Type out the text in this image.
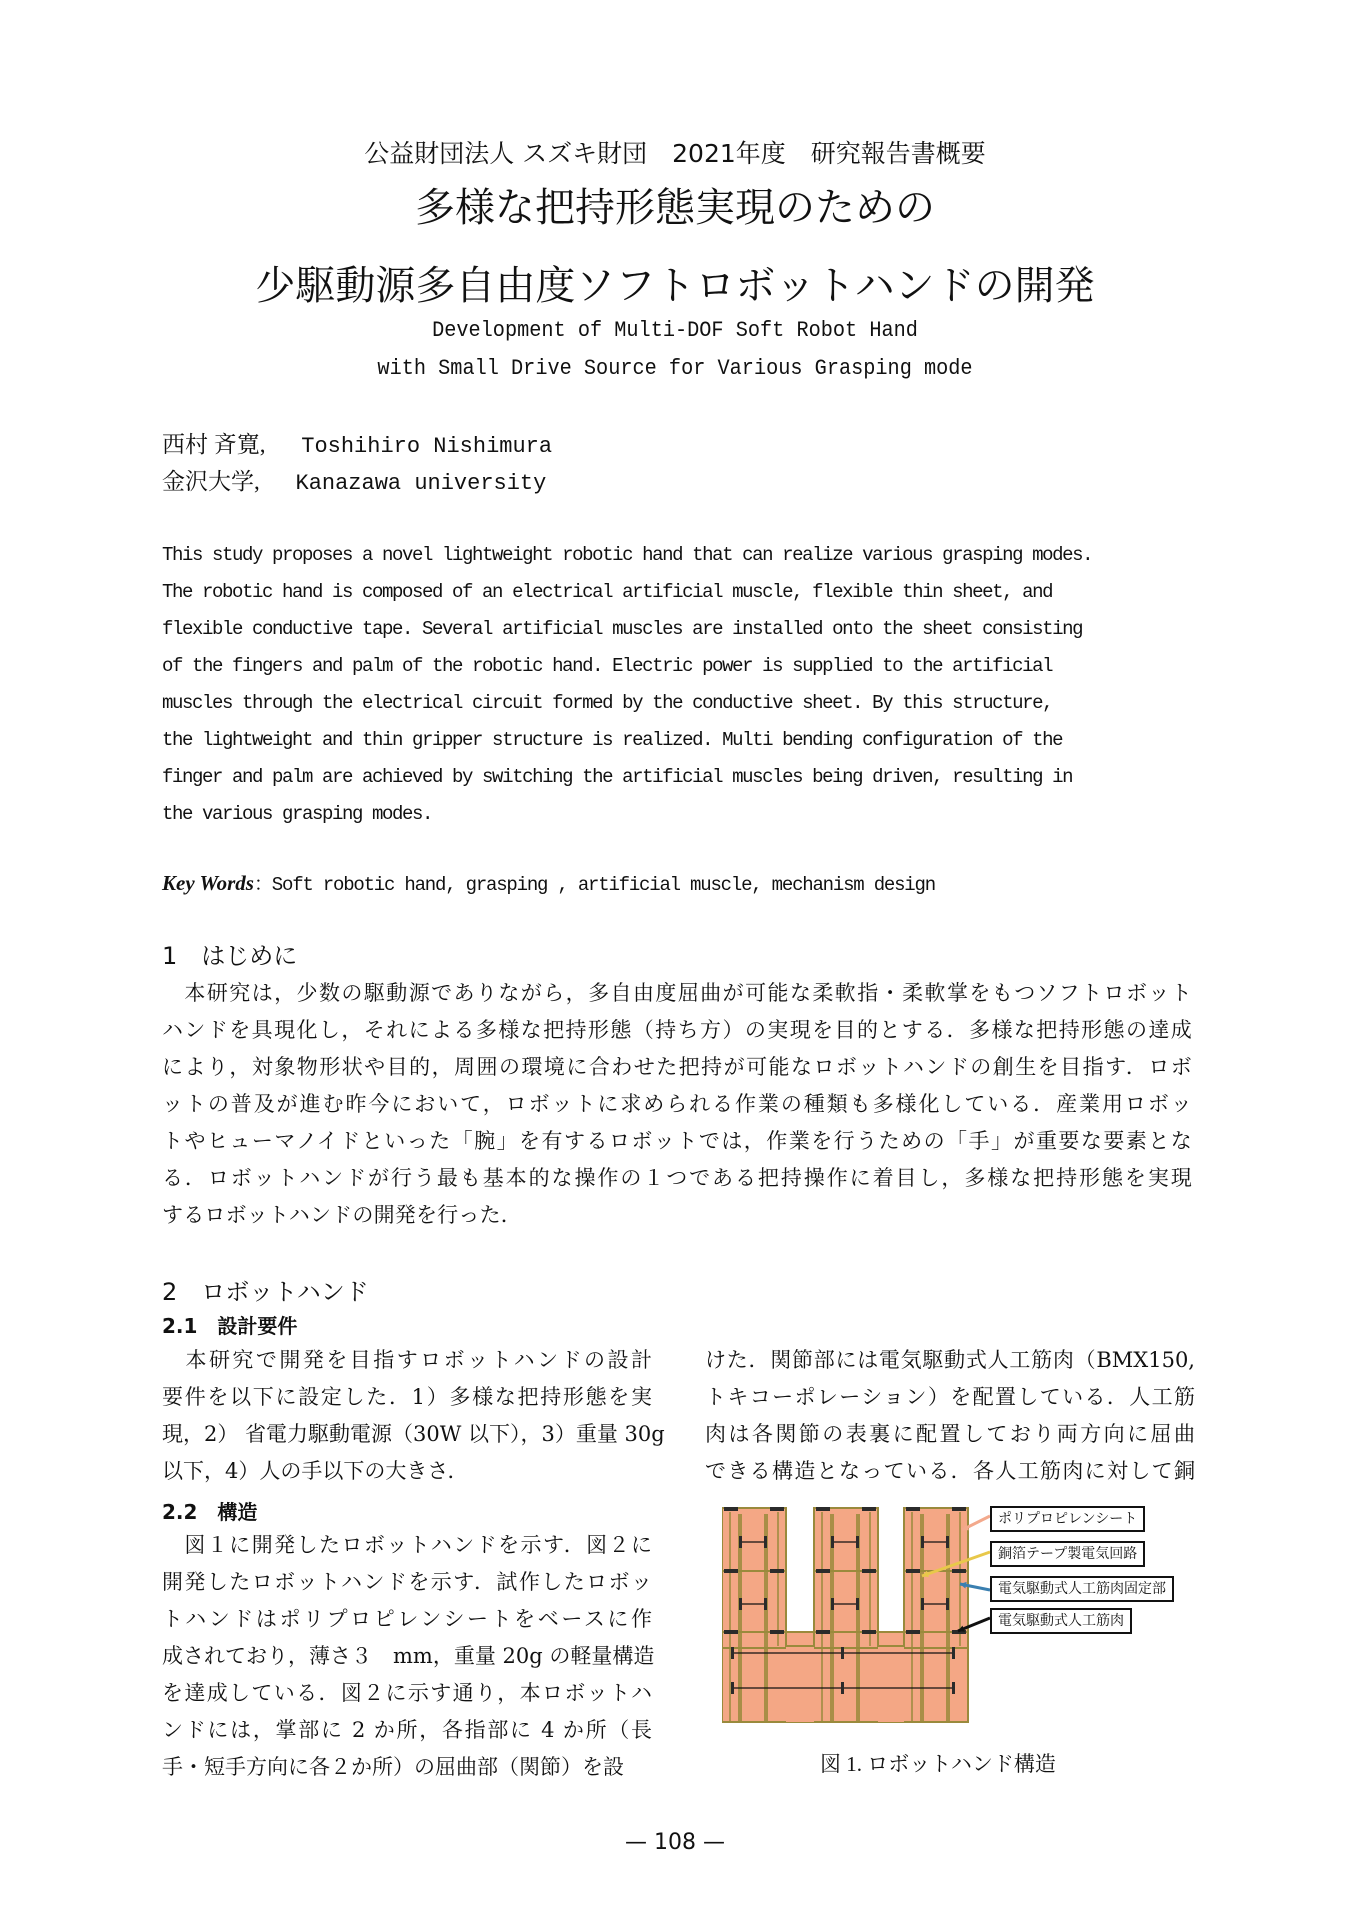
公益財団法人 スズキ財団　2021年度　研究報告書概要
多様な把持形態実現のための
少駆動源多自由度ソフトロボットハンドの開発
Development of Multi-DOF Soft Robot Hand
with Small Drive Source for Various Grasping mode
西村 斉寛, Toshihiro Nishimura
金沢大学, Kanazawa university
This study proposes a novel lightweight robotic hand that can realize various grasping modes.
The robotic hand is composed of an electrical artificial muscle, flexible thin sheet, and
flexible conductive tape. Several artificial muscles are installed onto the sheet consisting
of the fingers and palm of the robotic hand. Electric power is supplied to the artificial
muscles through the electrical circuit formed by the conductive sheet. By this structure,
the lightweight and thin gripper structure is realized. Multi bending configuration of the
finger and palm are achieved by switching the artificial muscles being driven, resulting in
the various grasping modes.
Key Words：Soft robotic hand, grasping , artificial muscle, mechanism design
1　はじめに
　本研究は，少数の駆動源でありながら，多自由度屈曲が可能な柔軟指・柔軟掌をもつソフトロボット
ハンドを具現化し，それによる多様な把持形態（持ち方）の実現を目的とする．多様な把持形態の達成
により，対象物形状や目的，周囲の環境に合わせた把持が可能なロボットハンドの創生を目指す．ロボ
ットの普及が進む昨今において，ロボットに求められる作業の種類も多様化している．産業用ロボッ
トやヒューマノイドといった「腕」を有するロボットでは，作業を行うための「手」が重要な要素とな
る．ロボットハンドが行う最も基本的な操作の１つである把持操作に着目し，多様な把持形態を実現
するロボットハンドの開発を行った．
2　ロボットハンド
2.1　設計要件
　本研究で開発を目指すロボットハンドの設計
要件を以下に設定した．1）多様な把持形態を実
現，2） 省電力駆動電源（30W 以下），3）重量 30g
以下，4）人の手以下の大きさ．
2.2　構造
　図１に開発したロボットハンドを示す．図２に
開発したロボットハンドを示す．試作したロボッ
トハンドはポリプロピレンシートをベースに作
成されており，薄さ３　mm，重量 20g の軽量構造
を達成している．図２に示す通り，本ロボットハ
ンドには，掌部に 2 か所，各指部に 4 か所（長
手・短手方向に各２か所）の屈曲部（関節）を設
けた．関節部には電気駆動式人工筋肉（BMX150,
トキコーポレーション）を配置している．人工筋
肉は各関節の表裏に配置しており両方向に屈曲
できる構造となっている．各人工筋肉に対して銅
ポリプロピレンシート
銅箔テープ製電気回路
電気駆動式人工筋肉固定部
電気駆動式人工筋肉
図 1. ロボットハンド構造
— 108 —
